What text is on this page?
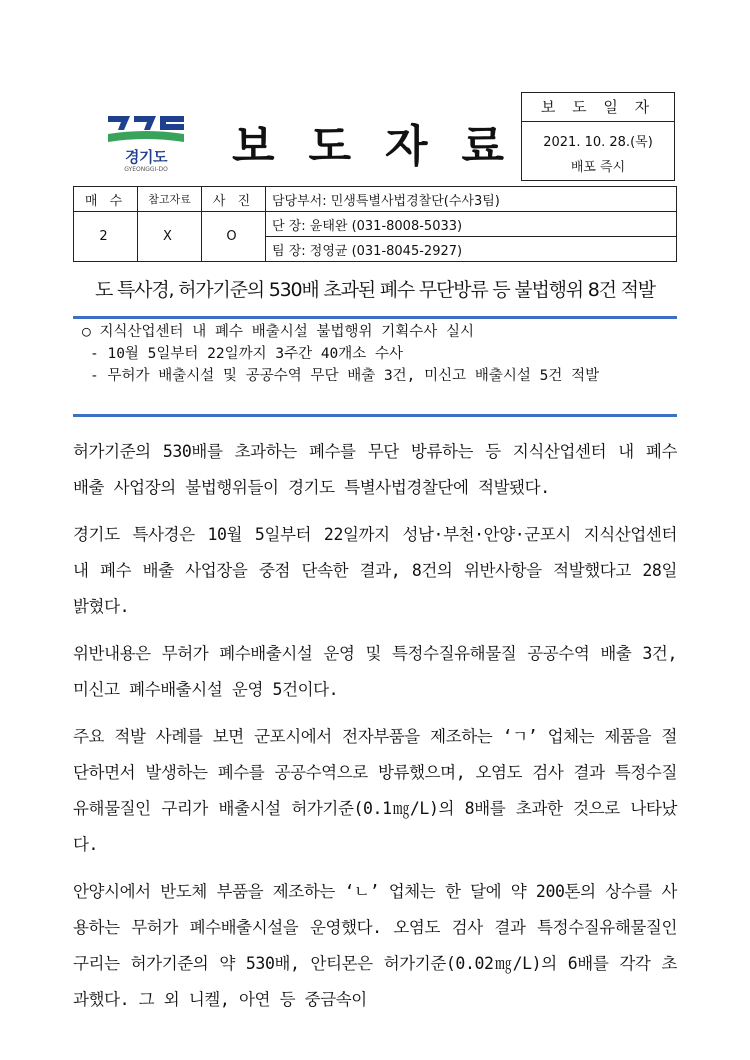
경기도
GYEONGGI-DO	보도자료
보 도 일 자
2021. 10. 28.(목)
배포 즉시
매 수	참고자료	사 진	담당부서: 민생특별사법경찰단(수사3팀)
2	X	O	단 장: 윤태완 (031-8008-5033)
			팀 장: 정영균 (031-8045-2927)
도 특사경, 허가기준의 530배 초과된 폐수 무단방류 등 불법행위 8건 적발
○ 지식산업센터 내 폐수 배출시설 불법행위 기획수사 실시
- 10월 5일부터 22일까지 3주간 40개소 수사
- 무허가 배출시설 및 공공수역 무단 배출 3건, 미신고 배출시설 5건 적발

허가기준의 530배를 초과하는 폐수를 무단 방류하는 등 지식산업센터 내 폐수 배출 사업장의 불법행위들이 경기도 특별사법경찰단에 적발됐다.

경기도 특사경은 10월 5일부터 22일까지 성남·부천·안양·군포시 지식산업센터 내 폐수 배출 사업장을 중점 단속한 결과, 8건의 위반사항을 적발했다고 28일 밝혔다.

위반내용은 무허가 폐수배출시설 운영 및 특정수질유해물질 공공수역 배출 3건, 미신고 폐수배출시설 운영 5건이다.

주요 적발 사례를 보면 군포시에서 전자부품을 제조하는 ‘ㄱ’ 업체는 제품을 절단하면서 발생하는 폐수를 공공수역으로 방류했으며, 오염도 검사 결과 특정수질유해물질인 구리가 배출시설 허가기준(0.1㎎/L)의 8배를 초과한 것으로 나타났다.

안양시에서 반도체 부품을 제조하는 ‘ㄴ’ 업체는 한 달에 약 200톤의 상수를 사용하는 무허가 폐수배출시설을 운영했다. 오염도 검사 결과 특정수질유해물질인 구리는 허가기준의 약 530배, 안티몬은 허가기준(0.02㎎/L)의 6배를 각각 초과했다. 그 외 니켈, 아연 등 중금속이
